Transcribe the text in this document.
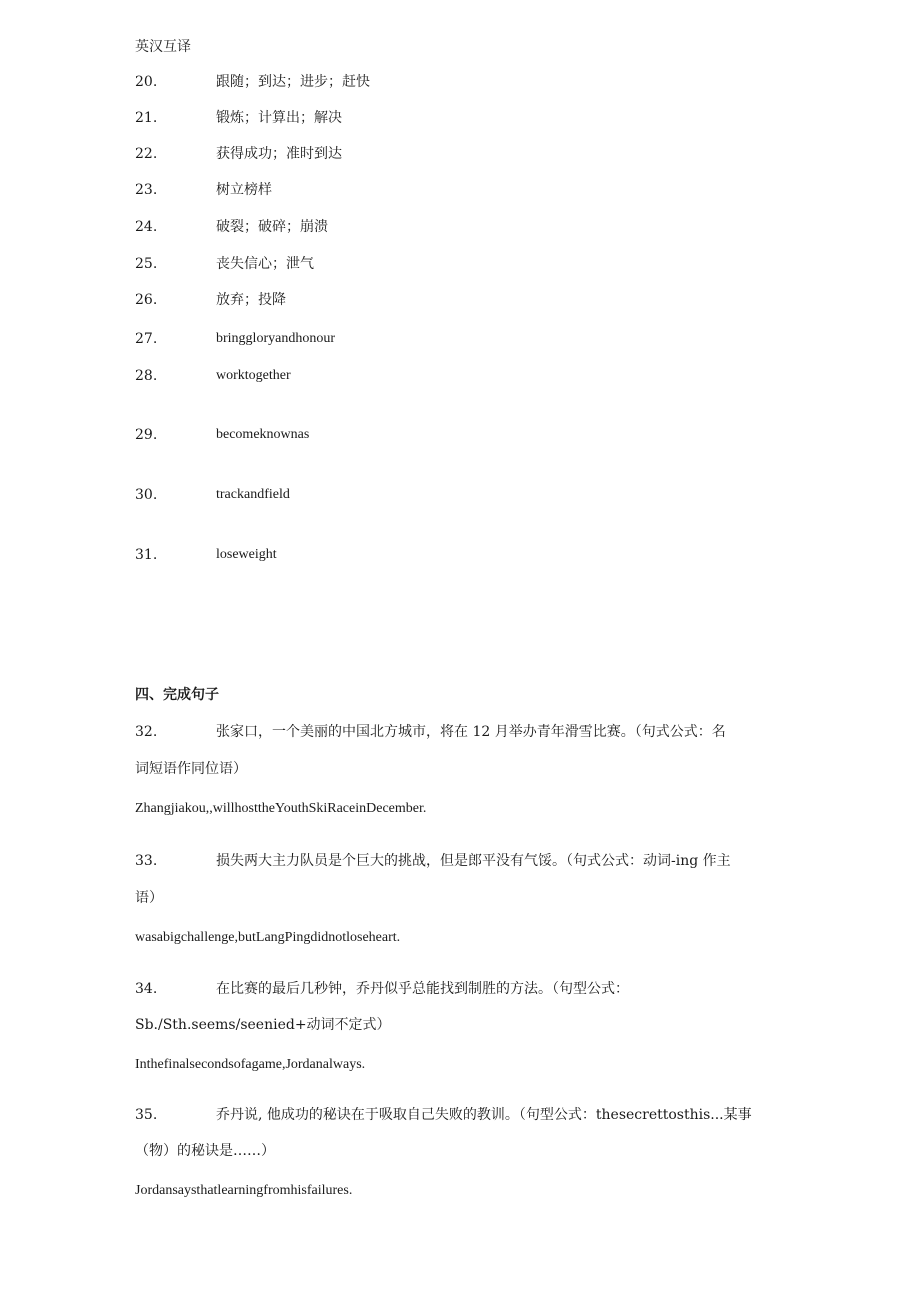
英汉互译
20.	跟随；到达；进步；赶快
21.	锻炼；计算出；解决
22.	获得成功；准时到达
23.	树立榜样
24.	破裂；破碎；崩溃
25.	丧失信心；泄气
26.	放弃；投降
27.	bringgloryandhonour
28.	worktogether
29.	becomeknownas
30.	trackandfield
31.	loseweight
四、完成句子
32.	张家口，一个美丽的中国北方城市，将在 12 月举办青年滑雪比赛。（句式公式：名
词短语作同位语）
Zhangjiakou,,willhosttheYouthSkiRaceinDecember.
33.	损失两大主力队员是个巨大的挑战，但是郎平没有气馁。（句式公式：动词-ing 作主
语）
wasabigchallenge,butLangPingdidnotloseheart.
34.	在比赛的最后几秒钟，乔丹似乎总能找到制胜的方法。（句型公式：
Sb./Sth.seems/seenied+动词不定式）
Inthefinalsecondsofagame,Jordanalways.
35.	乔丹说, 他成功的秘诀在于吸取自己失败的教训。（句型公式：thesecrettosthis...某事
（物）的秘诀是……）
Jordansaysthatlearningfromhisfailures.
